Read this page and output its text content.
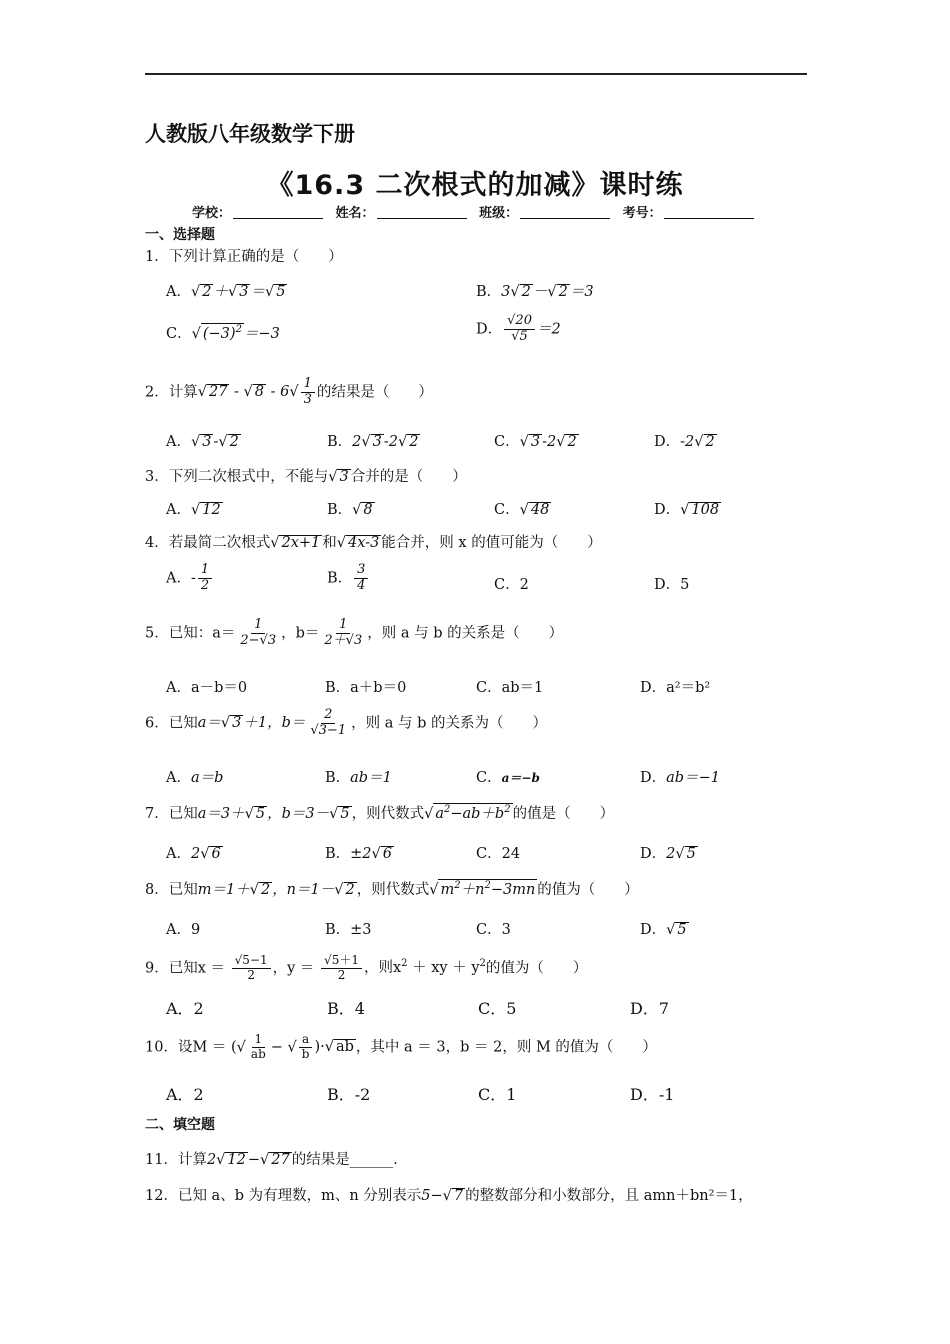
人教版八年级数学下册
《16.3 二次根式的加减》课时练
学校：	姓名：	班级：	考号：
一、选择题
1．下列计算正确的是（　　）
A．√ 2 ＋√ 3 ＝√ 5	B．3√ 2 －√ 2 ＝3
C．√ $(-3)^2 =-3$	D． $\frac{√20}{√5} =2$
2．计算√ 27 - √ $8 - 6√ \frac{1}{3}$ 的结果是（　　）
A．√ 3 -√ 2	B．2√ 3 -2√ 2	C．√ 3 -2√ 2	D．-2√ 2
3．下列二次根式中，不能与√ 3 合并的是（　　）
A．√ 12	B．√ 8	C．√ 48	D．√ 108
4．若最简二次根式√ 2x+1 和√ 4x-3 能合并，则 x 的值可能为（　　）
A．- $\frac{1}{2}$	B． $\frac{3}{4}$	C．2	D．5
5．已知：$a= \frac{1}{2-√3}$ ，$b= \frac{1}{2+√3}$ ，则 a 与 b 的关系是（　　）
A．a－b＝0	B．a＋b＝0	C．ab＝1	D．a²＝b²
6．已知a＝√ 3 ＋1，$b= \frac{2}{√3-1}$ ，则 a 与 b 的关系为（　　）
A．a＝b	B．ab＝1	C．a＝−b	D．ab＝−1
7．已知a＝3＋√ 5 ，b＝3－√ 5 ，则代数式√ $a^2-ab+b^2$ 的值是（　　）
A．2√ 6	B．±2√ 6	C．24	D．2√ 5
8．已知m＝1＋√ 2 ，n＝1－√ 2 ，则代数式√ $m^2+n^2-3mn$ 的值为（　　）
A．9	B．±3	C．3	D．√ 5
9．已知$x = \frac{√5-1}{2}$ ，$y = \frac{√5+1}{2}$ ，则$x^2$ ＋ xy ＋ $y^2$的值为（　　）
A．2	B．4	C．5	D．7
10．设M ＝ (√ $\frac{1}{ab}$ − √ $\frac{a}{b}$ )·√ ab ，其中 a ＝ 3，b ＝ 2，则 M 的值为（　　）
A．2	B．-2	C．1	D．-1
二、填空题
11．计算2√ 12 −√ 27 的结果是______．
12．已知 a、b 为有理数，m、n 分别表示5−√ 7 的整数部分和小数部分，且 amn＋bn²＝1，
